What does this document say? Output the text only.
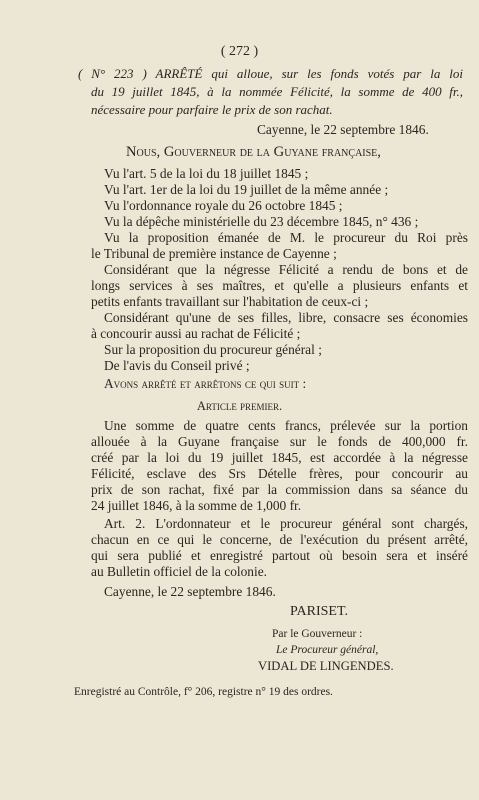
( 272 )
( N° 223 ) ARRÊTÉ qui alloue, sur les fonds votés par la loi
du 19 juillet 1845, à la nommée Félicité, la somme de 400 fr.,
nécessaire pour parfaire le prix de son rachat.
Cayenne, le 22 septembre 1846.
Nous, Gouverneur de la Guyane française,
Vu l'art. 5 de la loi du 18 juillet 1845 ;
Vu l'art. 1er de la loi du 19 juillet de la même année ;
Vu l'ordonnance royale du 26 octobre 1845 ;
Vu la dépêche ministérielle du 23 décembre 1845, n° 436 ;
Vu la proposition émanée de M. le procureur du Roi près
le Tribunal de première instance de Cayenne ;
Considérant que la négresse Félicité a rendu de bons et de
longs services à ses maîtres, et qu'elle a plusieurs enfants et
petits enfants travaillant sur l'habitation de ceux-ci ;
Considérant qu'une de ses filles, libre, consacre ses économies
à concourir aussi au rachat de Félicité ;
Sur la proposition du procureur général ;
De l'avis du Conseil privé ;
Avons arrêté et arrêtons ce qui suit :
Article premier.
Une somme de quatre cents francs, prélevée sur la portion
allouée à la Guyane française sur le fonds de 400,000 fr.
créé par la loi du 19 juillet 1845, est accordée à la négresse
Félicité, esclave des Srs Dételle frères, pour concourir au
prix de son rachat, fixé par la commission dans sa séance du
24 juillet 1846, à la somme de 1,000 fr.
Art. 2. L'ordonnateur et le procureur général sont chargés,
chacun en ce qui le concerne, de l'exécution du présent arrêté,
qui sera publié et enregistré partout où besoin sera et inséré
au Bulletin officiel de la colonie.
Cayenne, le 22 septembre 1846.
PARISET.
Par le Gouverneur :
Le Procureur général,
VIDAL DE LINGENDES.
Enregistré au Contrôle, f° 206, registre n° 19 des ordres.
